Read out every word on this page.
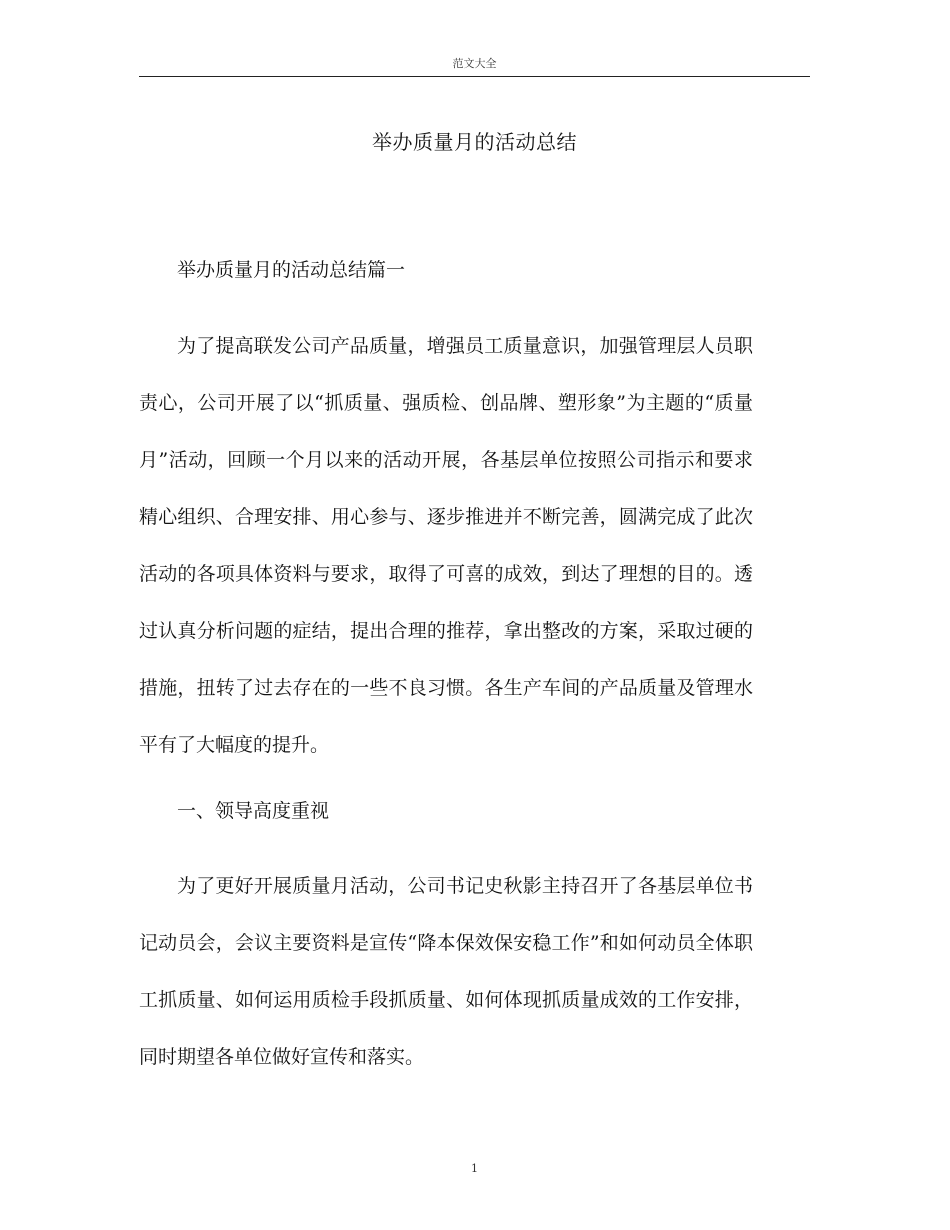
范文大全
举办质量月的活动总结

举办质量月的活动总结篇一

为了提高联发公司产品质量，增强员工质量意识，加强管理层人员职责心，公司开展了以“抓质量、强质检、创品牌、塑形象”为主题的“质量月”活动，回顾一个月以来的活动开展，各基层单位按照公司指示和要求精心组织、合理安排、用心参与、逐步推进并不断完善，圆满完成了此次活动的各项具体资料与要求，取得了可喜的成效，到达了理想的目的。透过认真分析问题的症结，提出合理的推荐，拿出整改的方案，采取过硬的措施，扭转了过去存在的一些不良习惯。各生产车间的产品质量及管理水平有了大幅度的提升。

一、领导高度重视

为了更好开展质量月活动，公司书记史秋影主持召开了各基层单位书记动员会，会议主要资料是宣传“降本保效保安稳工作”和如何动员全体职工抓质量、如何运用质检手段抓质量、如何体现抓质量成效的工作安排，同时期望各单位做好宣传和落实。

1
